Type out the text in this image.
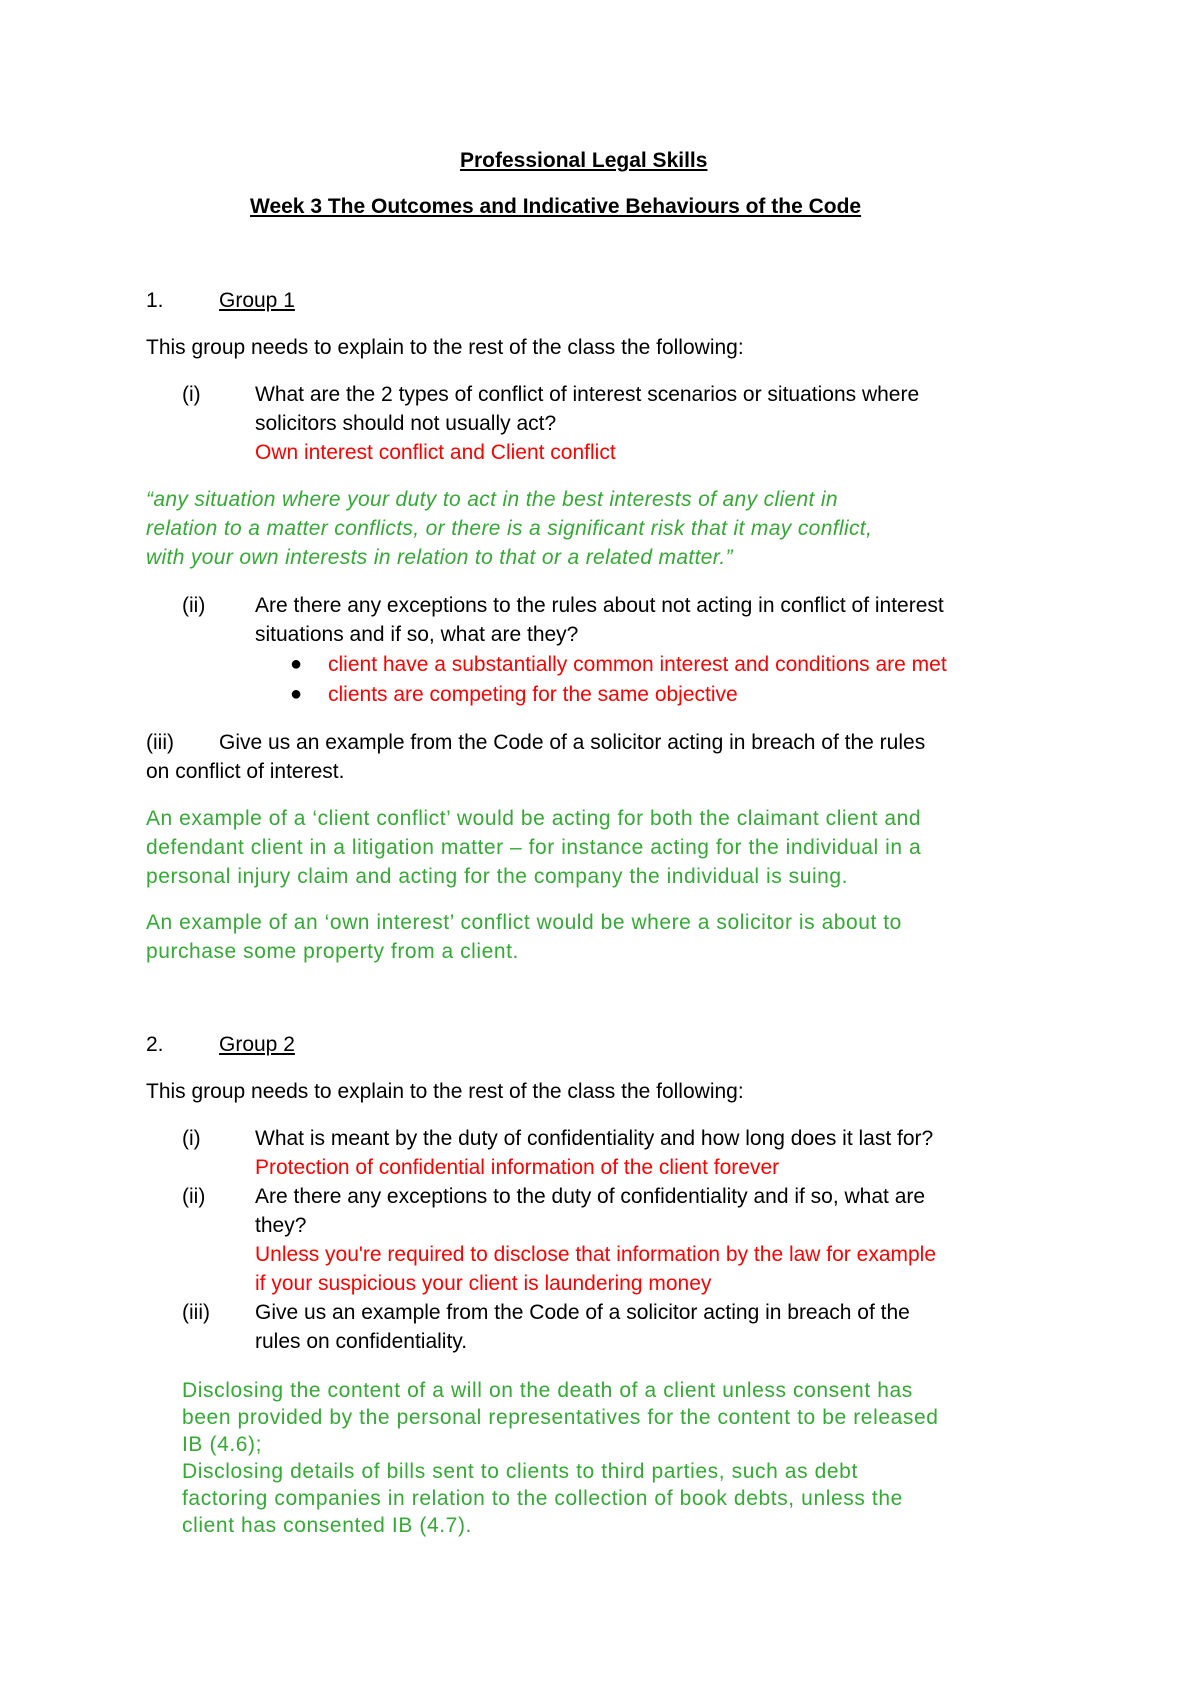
Professional Legal Skills

Week 3 The Outcomes and Indicative Behaviours of the Code

1.	Group 1

This group needs to explain to the rest of the class the following:

(i)	What are the 2 types of conflict of interest scenarios or situations where

solicitors should not usually act?

Own interest conflict and Client conflict

“any situation where your duty to act in the best interests of any client in

relation to a matter conflicts, or there is a significant risk that it may conflict,

with your own interests in relation to that or a related matter.”

(ii) Are there any exceptions to the rules about not acting in conflict of interest

situations and if so, what are they?

● client have a substantially common interest and conditions are met

● clients are competing for the same objective

(iii) Give us an example from the Code of a solicitor acting in breach of the rules

on conflict of interest.

An example of a ‘client conflict’ would be acting for both the claimant client and

defendant client in a litigation matter – for instance acting for the individual in a

personal injury claim and acting for the company the individual is suing.

An example of an ‘own interest’ conflict would be where a solicitor is about to

purchase some property from a client.

2.	Group 2

This group needs to explain to the rest of the class the following:

(i)	What is meant by the duty of confidentiality and how long does it last for?

Protection of confidential information of the client forever

(ii) Are there any exceptions to the duty of confidentiality and if so, what are

they?

Unless you're required to disclose that information by the law for example

if your suspicious your client is laundering money

(iii) Give us an example from the Code of a solicitor acting in breach of the

rules on confidentiality.

Disclosing the content of a will on the death of a client unless consent has

been provided by the personal representatives for the content to be released

IB (4.6);

Disclosing details of bills sent to clients to third parties, such as debt

factoring companies in relation to the collection of book debts, unless the

client has consented IB (4.7).
